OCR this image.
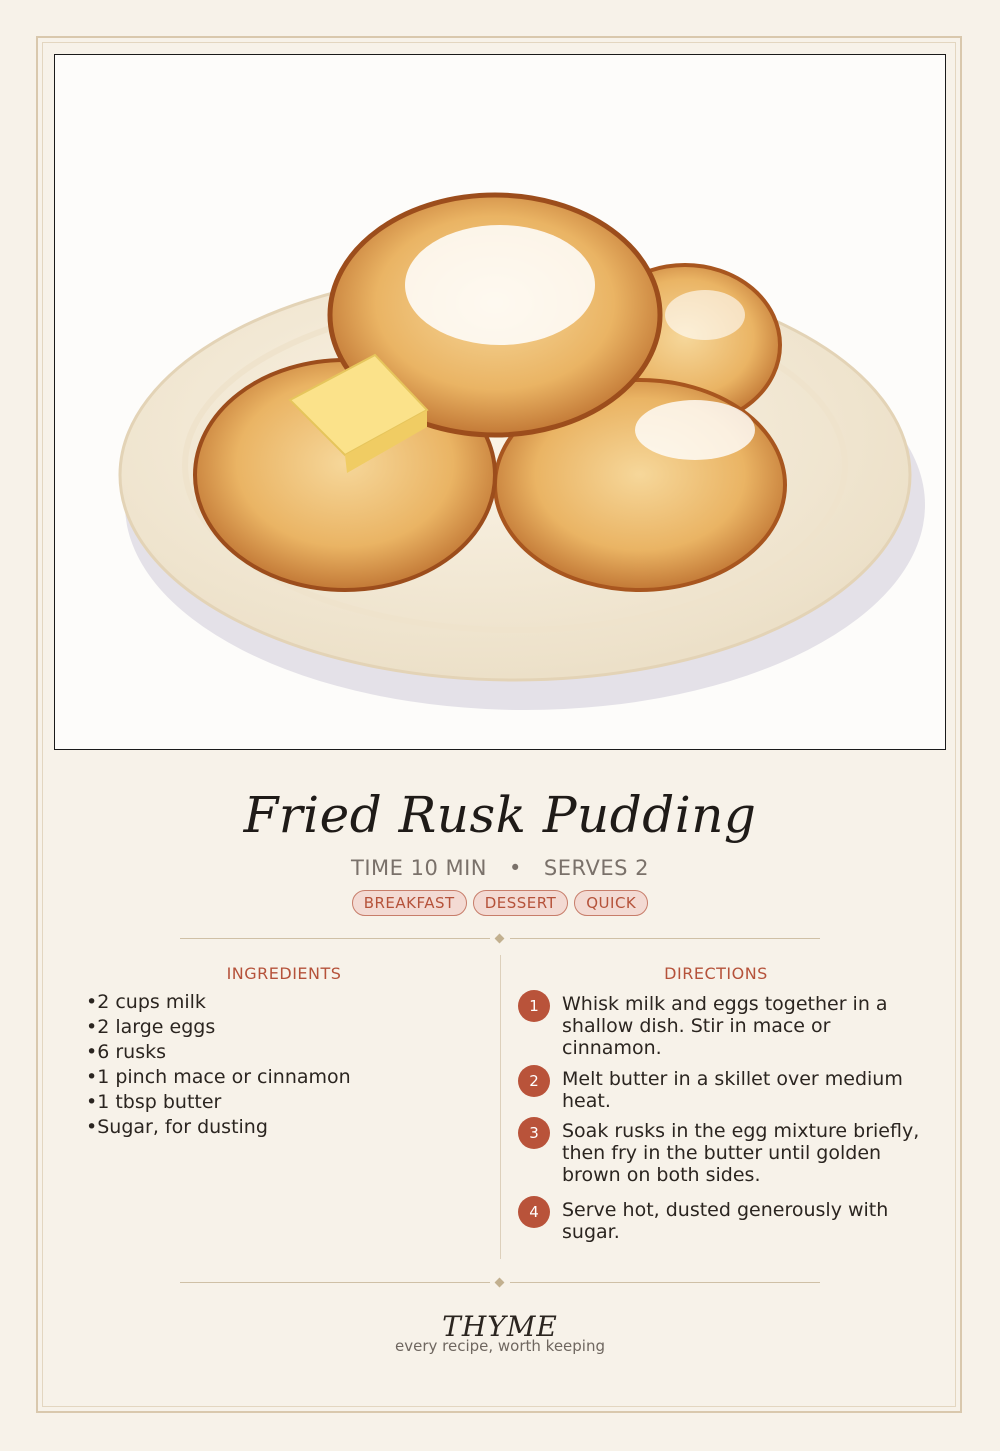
Fried Rusk Pudding
TIME 10 MIN • SERVES 2
BREAKFAST DESSERT QUICK
INGREDIENTS	DIRECTIONS
• 2 cups milk
• 2 large eggs
• 6 rusks
• 1 pinch mace or cinnamon
• 1 tbsp butter
• Sugar, for dusting
1	Whisk milk and eggs together in a shallow dish. Stir in mace or cinnamon.
2	Melt butter in a skillet over medium heat.
3	Soak rusks in the egg mixture briefly, then fry in the butter until golden brown on both sides.
4	Serve hot, dusted generously with sugar.
THYME
every recipe, worth keeping
